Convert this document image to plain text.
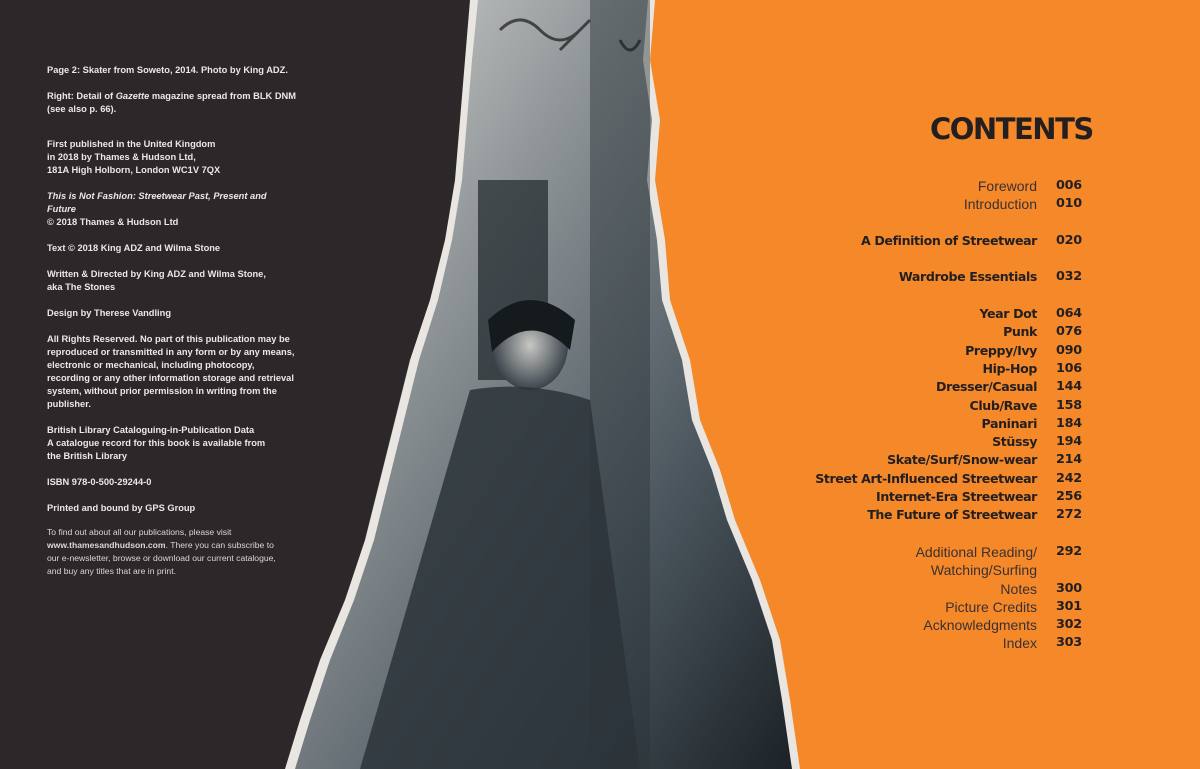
Page 2: Skater from Soweto, 2014. Photo by King ADZ.

Right: Detail of Gazette magazine spread from BLK DNM (see also p. 66).

First published in the United Kingdom
in 2018 by Thames & Hudson Ltd,
181A High Holborn, London WC1V 7QX

This is Not Fashion: Streetwear Past, Present and Future
© 2018 Thames & Hudson Ltd

Text © 2018 King ADZ and Wilma Stone

Written & Directed by King ADZ and Wilma Stone,
aka The Stones

Design by Therese Vandling

All Rights Reserved. No part of this publication may be reproduced or transmitted in any form or by any means, electronic or mechanical, including photocopy, recording or any other information storage and retrieval system, without prior permission in writing from the publisher.

British Library Cataloguing-in-Publication Data
A catalogue record for this book is available from
the British Library

ISBN 978-0-500-29244-0

Printed and bound by GPS Group

To find out about all our publications, please visit www.thamesandhudson.com. There you can subscribe to our e-newsletter, browse or download our current catalogue, and buy any titles that are in print.
CONTENTS
Foreword	006
Introduction	010
A Definition of Streetwear	020
Wardrobe Essentials	032
Year Dot	064
Punk	076
Preppy/Ivy	090
Hip-Hop	106
Dresser/Casual	144
Club/Rave	158
Paninari	184
Stüssy	194
Skate/Surf/Snow-wear	214
Street Art-Influenced Streetwear	242
Internet-Era Streetwear	256
The Future of Streetwear	272
Additional Reading/	292
Watching/Surfing
Notes	300
Picture Credits	301
Acknowledgments	302
Index	303
